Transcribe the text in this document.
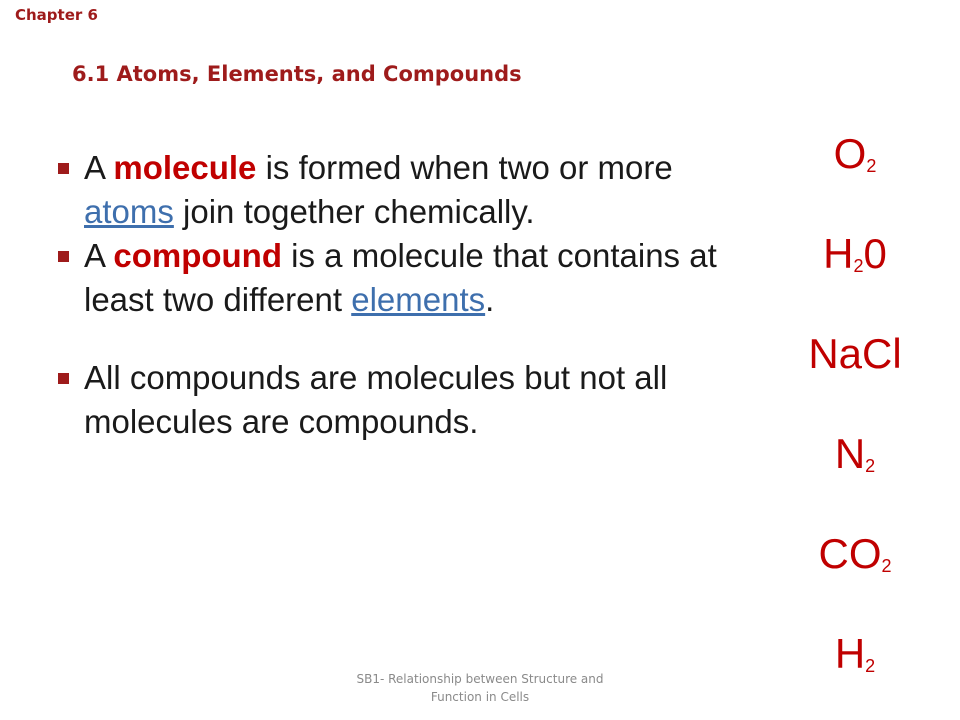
Chapter 6
6.1 Atoms, Elements, and Compounds
A molecule is formed when two or more atoms join together chemically.
A compound is a molecule that contains at least two different elements.
All compounds are molecules but not all molecules are compounds.
$O_2$
$H_20$
NaCl
$N_2$
$CO_2$
$H_2$
SB1- Relationship between Structure and
Function in Cells
